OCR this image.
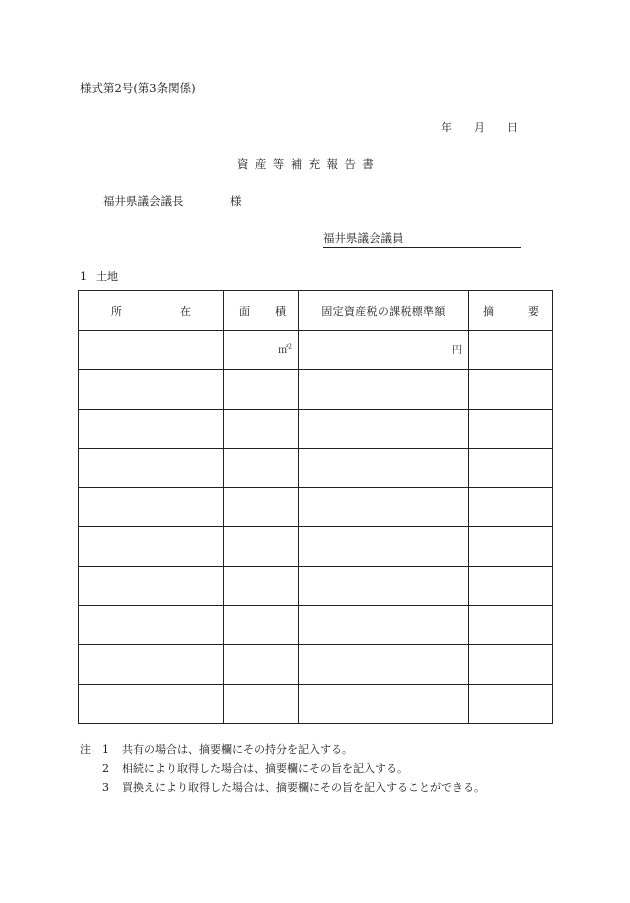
様式第2号(第3条関係)
年 月 日
資産等補充報告書
福井県議会議長	様
福井県議会議員
1 土地
所 在	面 積	固定資産税の課税標準額	摘 要

	㎡$^2$	円	

注	1	共有の場合は、摘要欄にその持分を記入する。
2	相続により取得した場合は、摘要欄にその旨を記入する。
3	買換えにより取得した場合は、摘要欄にその旨を記入することができる。
